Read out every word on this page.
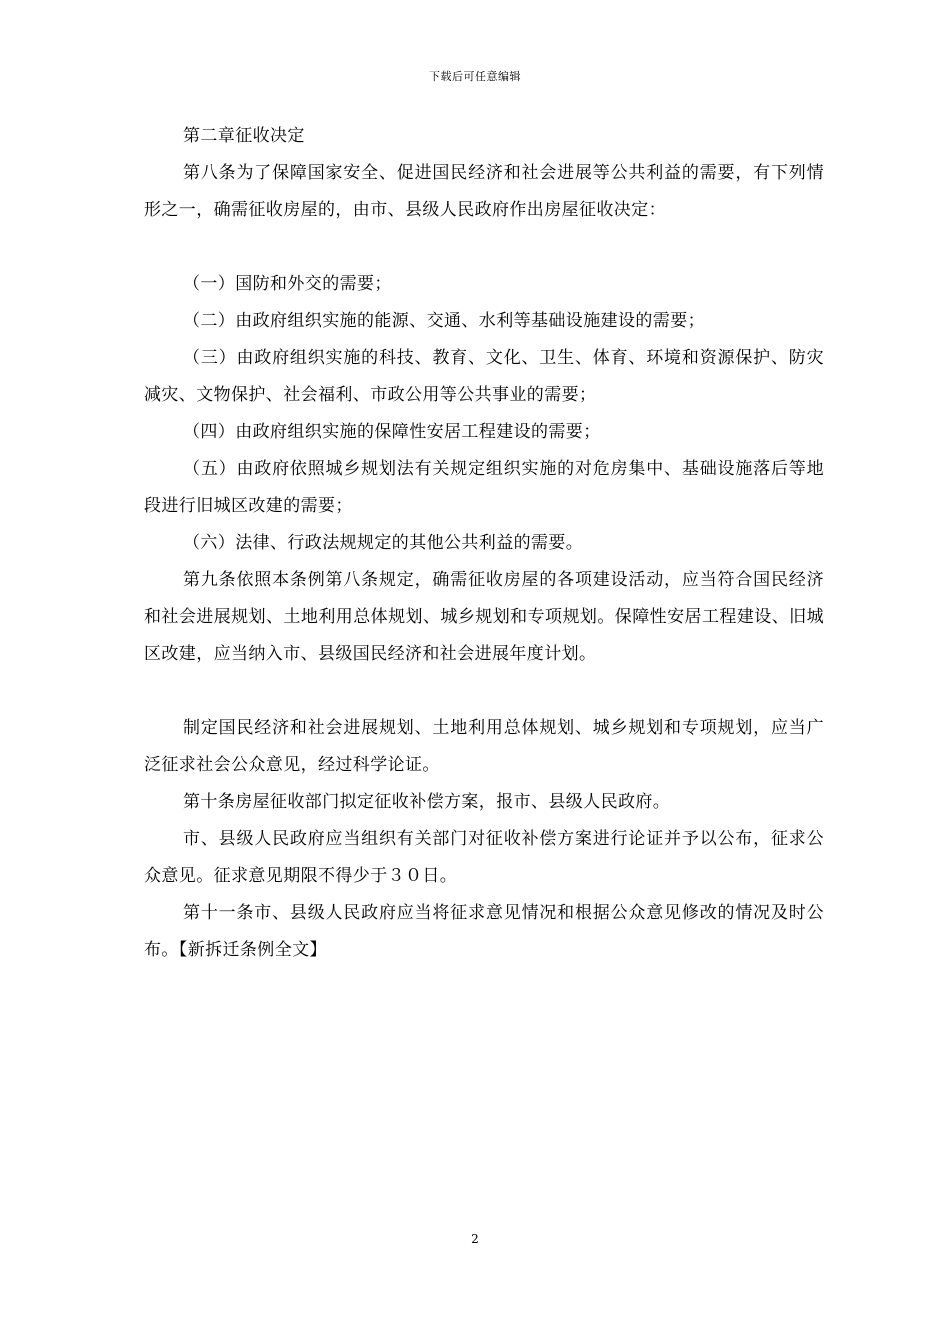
下载后可任意编辑

第二章征收决定

第八条为了保障国家安全、促进国民经济和社会进展等公共利益的需要，有下列情形之一，确需征收房屋的，由市、县级人民政府作出房屋征收决定：

（一）国防和外交的需要；

（二）由政府组织实施的能源、交通、水利等基础设施建设的需要；

（三）由政府组织实施的科技、教育、文化、卫生、体育、环境和资源保护、防灾减灾、文物保护、社会福利、市政公用等公共事业的需要；

（四）由政府组织实施的保障性安居工程建设的需要；

（五）由政府依照城乡规划法有关规定组织实施的对危房集中、基础设施落后等地段进行旧城区改建的需要；

（六）法律、行政法规规定的其他公共利益的需要。

第九条依照本条例第八条规定，确需征收房屋的各项建设活动，应当符合国民经济和社会进展规划、土地利用总体规划、城乡规划和专项规划。保障性安居工程建设、旧城区改建，应当纳入市、县级国民经济和社会进展年度计划。

制定国民经济和社会进展规划、土地利用总体规划、城乡规划和专项规划，应当广泛征求社会公众意见，经过科学论证。

第十条房屋征收部门拟定征收补偿方案，报市、县级人民政府。

市、县级人民政府应当组织有关部门对征收补偿方案进行论证并予以公布，征求公众意见。征求意见期限不得少于３０日。

第十一条市、县级人民政府应当将征求意见情况和根据公众意见修改的情况及时公布。【新拆迁条例全文】

2
